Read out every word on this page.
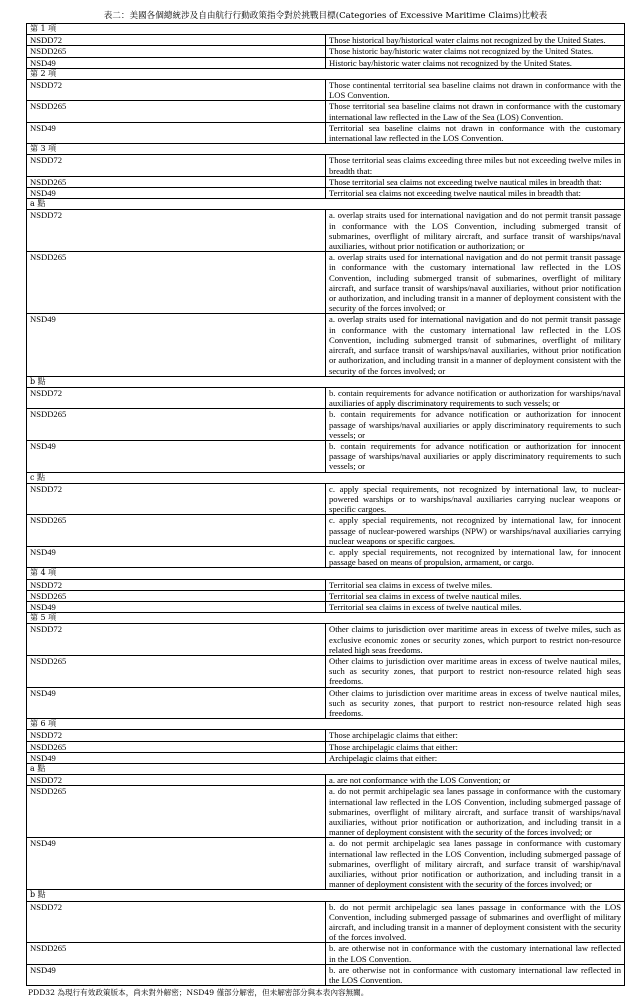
表二：美國各個總統涉及自由航行行動政策指令對於挑戰目標(Categories of Excessive Maritime Claims)比較表
第 1 項	
NSDD72	Those historical bay/historical water claims not recognized by the United States.
NSDD265	Those historic bay/historic water claims not recognized by the United States.
NSD49	Historic bay/historic water claims not recognized by the United States.
第 2 項	
NSDD72	Those continental territorial sea baseline claims not drawn in conformance with the LOS Convention.
NSDD265	Those territorial sea baseline claims not drawn in conformance with the customary international law reflected in the Law of the Sea (LOS) Convention.
NSD49	Territorial sea baseline claims not drawn in conformance with the customary international law reflected in the LOS Convention.
第 3 項	
NSDD72	Those territorial seas claims exceeding three miles but not exceeding twelve miles in breadth that:
NSDD265	Those territorial sea claims not exceeding twelve nautical miles in breadth that:
NSD49	Territorial sea claims not exceeding twelve nautical miles in breadth that:
a 點	
NSDD72	a. overlap straits used for international navigation and do not permit transit passage in conformance with the LOS Convention, including submerged transit of submarines, overflight of military aircraft, and surface transit of warships/naval auxiliaries, without prior notification or authorization; or
NSDD265	a. overlap straits used for international navigation and do not permit transit passage in conformance with the customary international law reflected in the LOS Convention, including submerged transit of submarines, overflight of military aircraft, and surface transit of warships/naval auxiliaries, without prior notification or authorization, and including transit in a manner of deployment consistent with the security of the forces involved; or
NSD49	a. overlap straits used for international navigation and do not permit transit passage in conformance with the customary international law reflected in the LOS Convention, including submerged transit of submarines, overflight of military aircraft, and surface transit of warships/naval auxiliaries, without prior notification or authorization, and including transit in a manner of deployment consistent with the security of the forces involved; or
b 點	
NSDD72	b. contain requirements for advance notification or authorization for warships/naval auxiliaries of apply discriminatory requirements to such vessels; or
NSDD265	b. contain requirements for advance notification or authorization for innocent passage of warships/naval auxiliaries or apply discriminatory requirements to such vessels; or
NSD49	b. contain requirements for advance notification or authorization for innocent passage of warships/naval auxiliaries or apply discriminatory requirements to such vessels; or
c 點	
NSDD72	c. apply special requirements, not recognized by international law, to nuclear-powered warships or to warships/naval auxiliaries carrying nuclear weapons or specific cargoes.
NSDD265	c. apply special requirements, not recognized by international law, for innocent passage of nuclear-powered warships (NPW) or warships/naval auxiliaries carrying nuclear weapons or specific cargoes.
NSD49	c. apply special requirements, not recognized by international law, for innocent passage based on means of propulsion, armament, or cargo.
第 4 項	
NSDD72	Territorial sea claims in excess of twelve miles.
NSDD265	Territorial sea claims in excess of twelve nautical miles.
NSD49	Territorial sea claims in excess of twelve nautical miles.
第 5 項	
NSDD72	Other claims to jurisdiction over maritime areas in excess of twelve miles, such as exclusive economic zones or security zones, which purport to restrict non-resource related high seas freedoms.
NSDD265	Other claims to jurisdiction over maritime areas in excess of twelve nautical miles, such as security zones, that purport to restrict non-resource related high seas freedoms.
NSD49	Other claims to jurisdiction over maritime areas in excess of twelve nautical miles, such as security zones, that purport to restrict non-resource related high seas freedoms.
第 6 項	
NSDD72	Those archipelagic claims that either:
NSDD265	Those archipelagic claims that either:
NSD49	Archipelagic claims that either:
a 點	
NSDD72	a. are not conformance with the LOS Convention; or
NSDD265	a. do not permit archipelagic sea lanes passage in conformance with the customary international law reflected in the LOS Convention, including submerged passage of submarines, overflight of military aircraft, and surface transit of warships/naval auxiliaries, without prior notification or authorization, and including transit in a manner of deployment consistent with the security of the forces involved; or
NSD49	a. do not permit archipelagic sea lanes passage in conformance with customary international law reflected in the LOS Convention, including submerged passage of submarines, overflight of military aircraft, and surface transit of warship/naval auxiliaries, without prior notification or authorization, and including transit in a manner of deployment consistent with the security of the forces involved; or
b 點	
NSDD72	b. do not permit archipelagic sea lanes passage in conformance with the LOS Convention, including submerged passage of submarines and overflight of military aircraft, and including transit in a manner of deployment consistent with the security of the forces involved.
NSDD265	b. are otherwise not in conformance with the customary international law reflected in the LOS Convention.
NSD49	b. are otherwise not in conformance with customary international law reflected in the LOS Convention.
PDD32 為現行有效政策版本，尚未對外解密；NSD49 僅部分解密，但未解密部分與本表內容無關。
